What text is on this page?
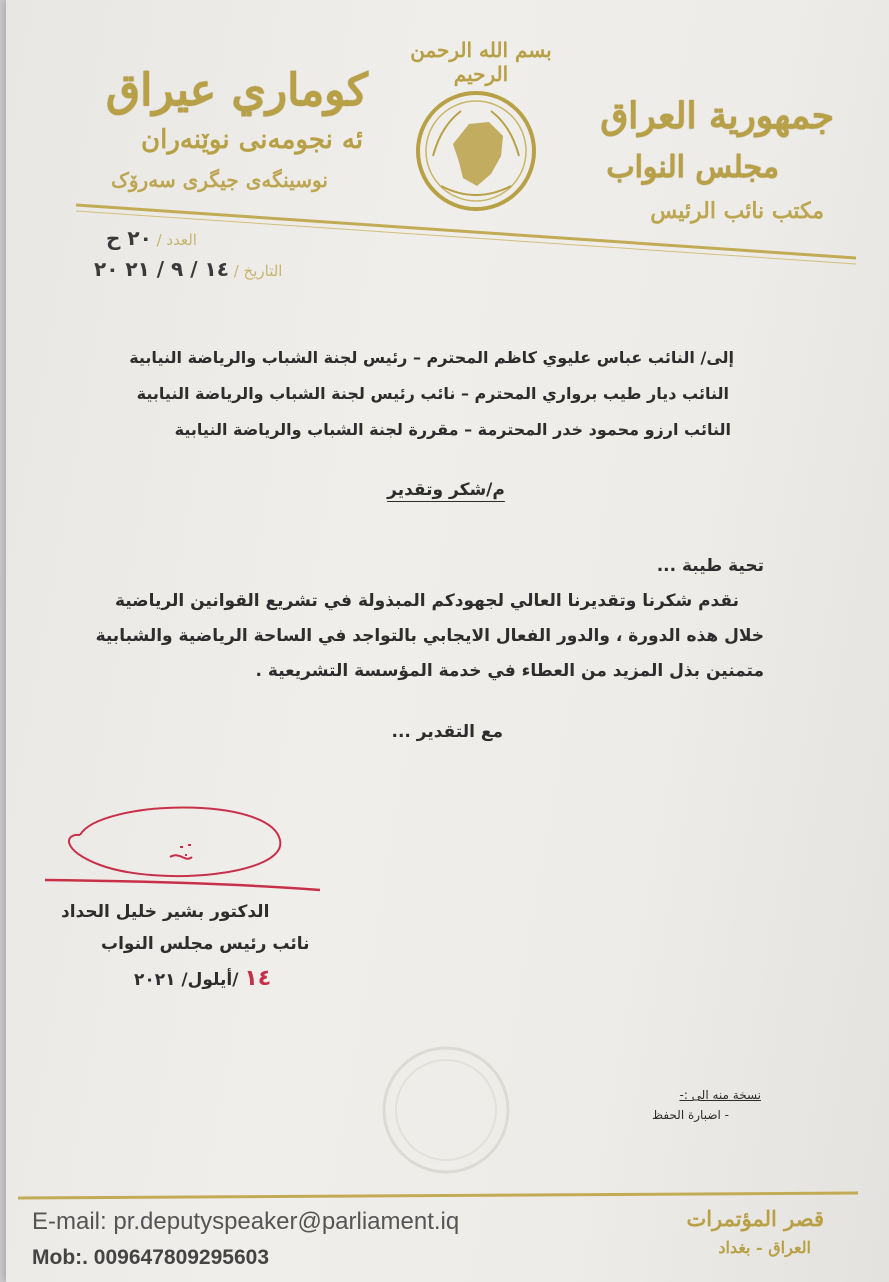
جمهورية العراق
مجلس النواب
مكتب نائب الرئيس
كوماري عيراق
ئه نجومه‌نی نوێنه‌ران
نوسینگه‌ی جیگری سه‌رۆک
بسم الله الرحمن الرحيم
العدد / ٢٠ ح
التاريخ / ١٤ / ٩ / ٢١ ٢٠
إلى/ النائب عباس عليوي كاظم المحترم – رئيس لجنة الشباب والرياضة النيابية
النائب ديار طيب برواري المحترم – نائب رئيس لجنة الشباب والرياضة النيابية
النائب ارزو محمود خدر المحترمة – مقررة لجنة الشباب والرياضة النيابية
م/شكر وتقدير
تحية طيبة ...
نقدم شكرنا وتقديرنا العالي لجهودكم المبذولة في تشريع القوانين الرياضية
خلال هذه الدورة ، والدور الفعال الايجابي بالتواجد في الساحة الرياضية والشبابية
متمنين بذل المزيد من العطاء في خدمة المؤسسة التشريعية .
مع التقدير ...
الدكتور بشير خليل الحداد
نائب رئيس مجلس النواب
١٤ /أيلول/ ٢٠٢١
نسخة منه الى :-
- اضبارة الحفظ
E-mail: pr.deputyspeaker@parliament.iq
Mob:. 009647809295603
قصر المؤتمرات
العراق - بغداد
